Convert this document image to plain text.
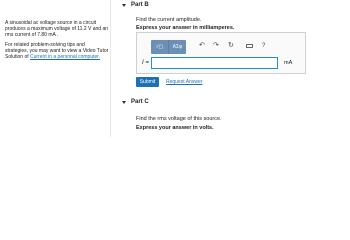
A sinusoidal ac voltage source in a circuit produces a maximum voltage of 11.2 V and an rms current of 7.80 mA .

For related problem-solving tips and strategies, you may want to view a Video Tutor Solution of Current in a personal computer.

Part B
Find the current amplitude.
Express your answer in milliamperes.
√▢ AΣφ ↶ ↷ ↻	?
I =	mA
Submit	Request Answer
Part C
Find the rms voltage of this source.
Express your answer in volts.
